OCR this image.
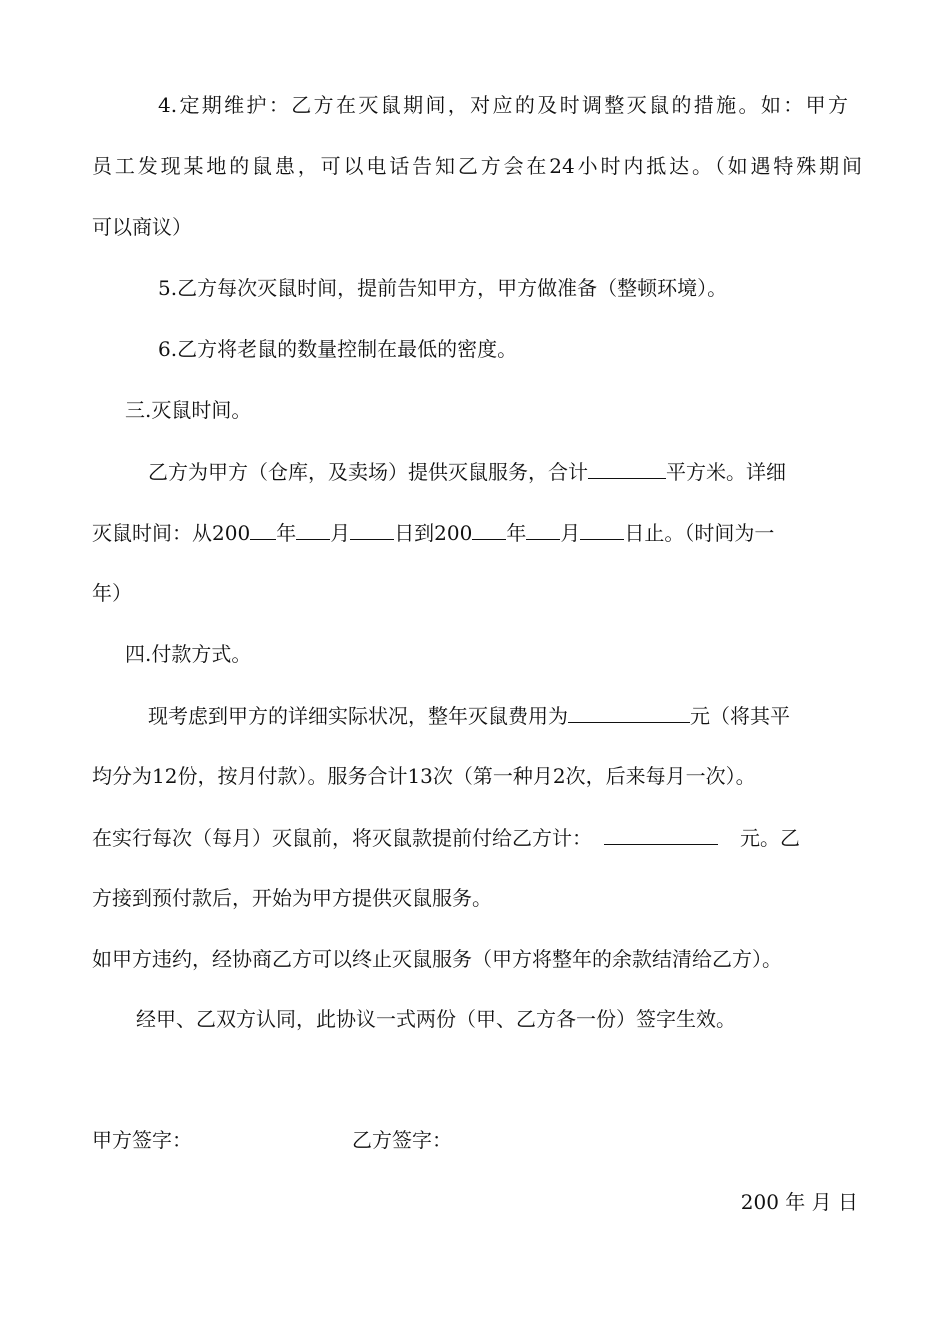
4.定期维护：乙方在灭鼠期间，对应的及时调整灭鼠的措施。如：甲方
员工发现某地的鼠患，可以电话告知乙方会在24小时内抵达。（如遇特殊期间
可以商议）
5.乙方每次灭鼠时间，提前告知甲方，甲方做准备（整顿环境）。
6.乙方将老鼠的数量控制在最低的密度。
三.灭鼠时间。
乙方为甲方（仓库，及卖场）提供灭鼠服务，合计	平方米。详细
灭鼠时间：从200 年 月 日到200 年 月 日止。（时间为一
年）
四.付款方式。
现考虑到甲方的详细实际状况，整年灭鼠费用为	元（将其平
均分为12份，按月付款）。服务合计13次（第一种月2次，后来每月一次）。
在实行每次（每月）灭鼠前，将灭鼠款提前付给乙方计：	元。乙
方接到预付款后，开始为甲方提供灭鼠服务。
如甲方违约，经协商乙方可以终止灭鼠服务（甲方将整年的余款结清给乙方）。
经甲、乙双方认同，此协议一式两份（甲、乙方各一份）签字生效。
甲方签字：	乙方签字：
200 年 月 日
